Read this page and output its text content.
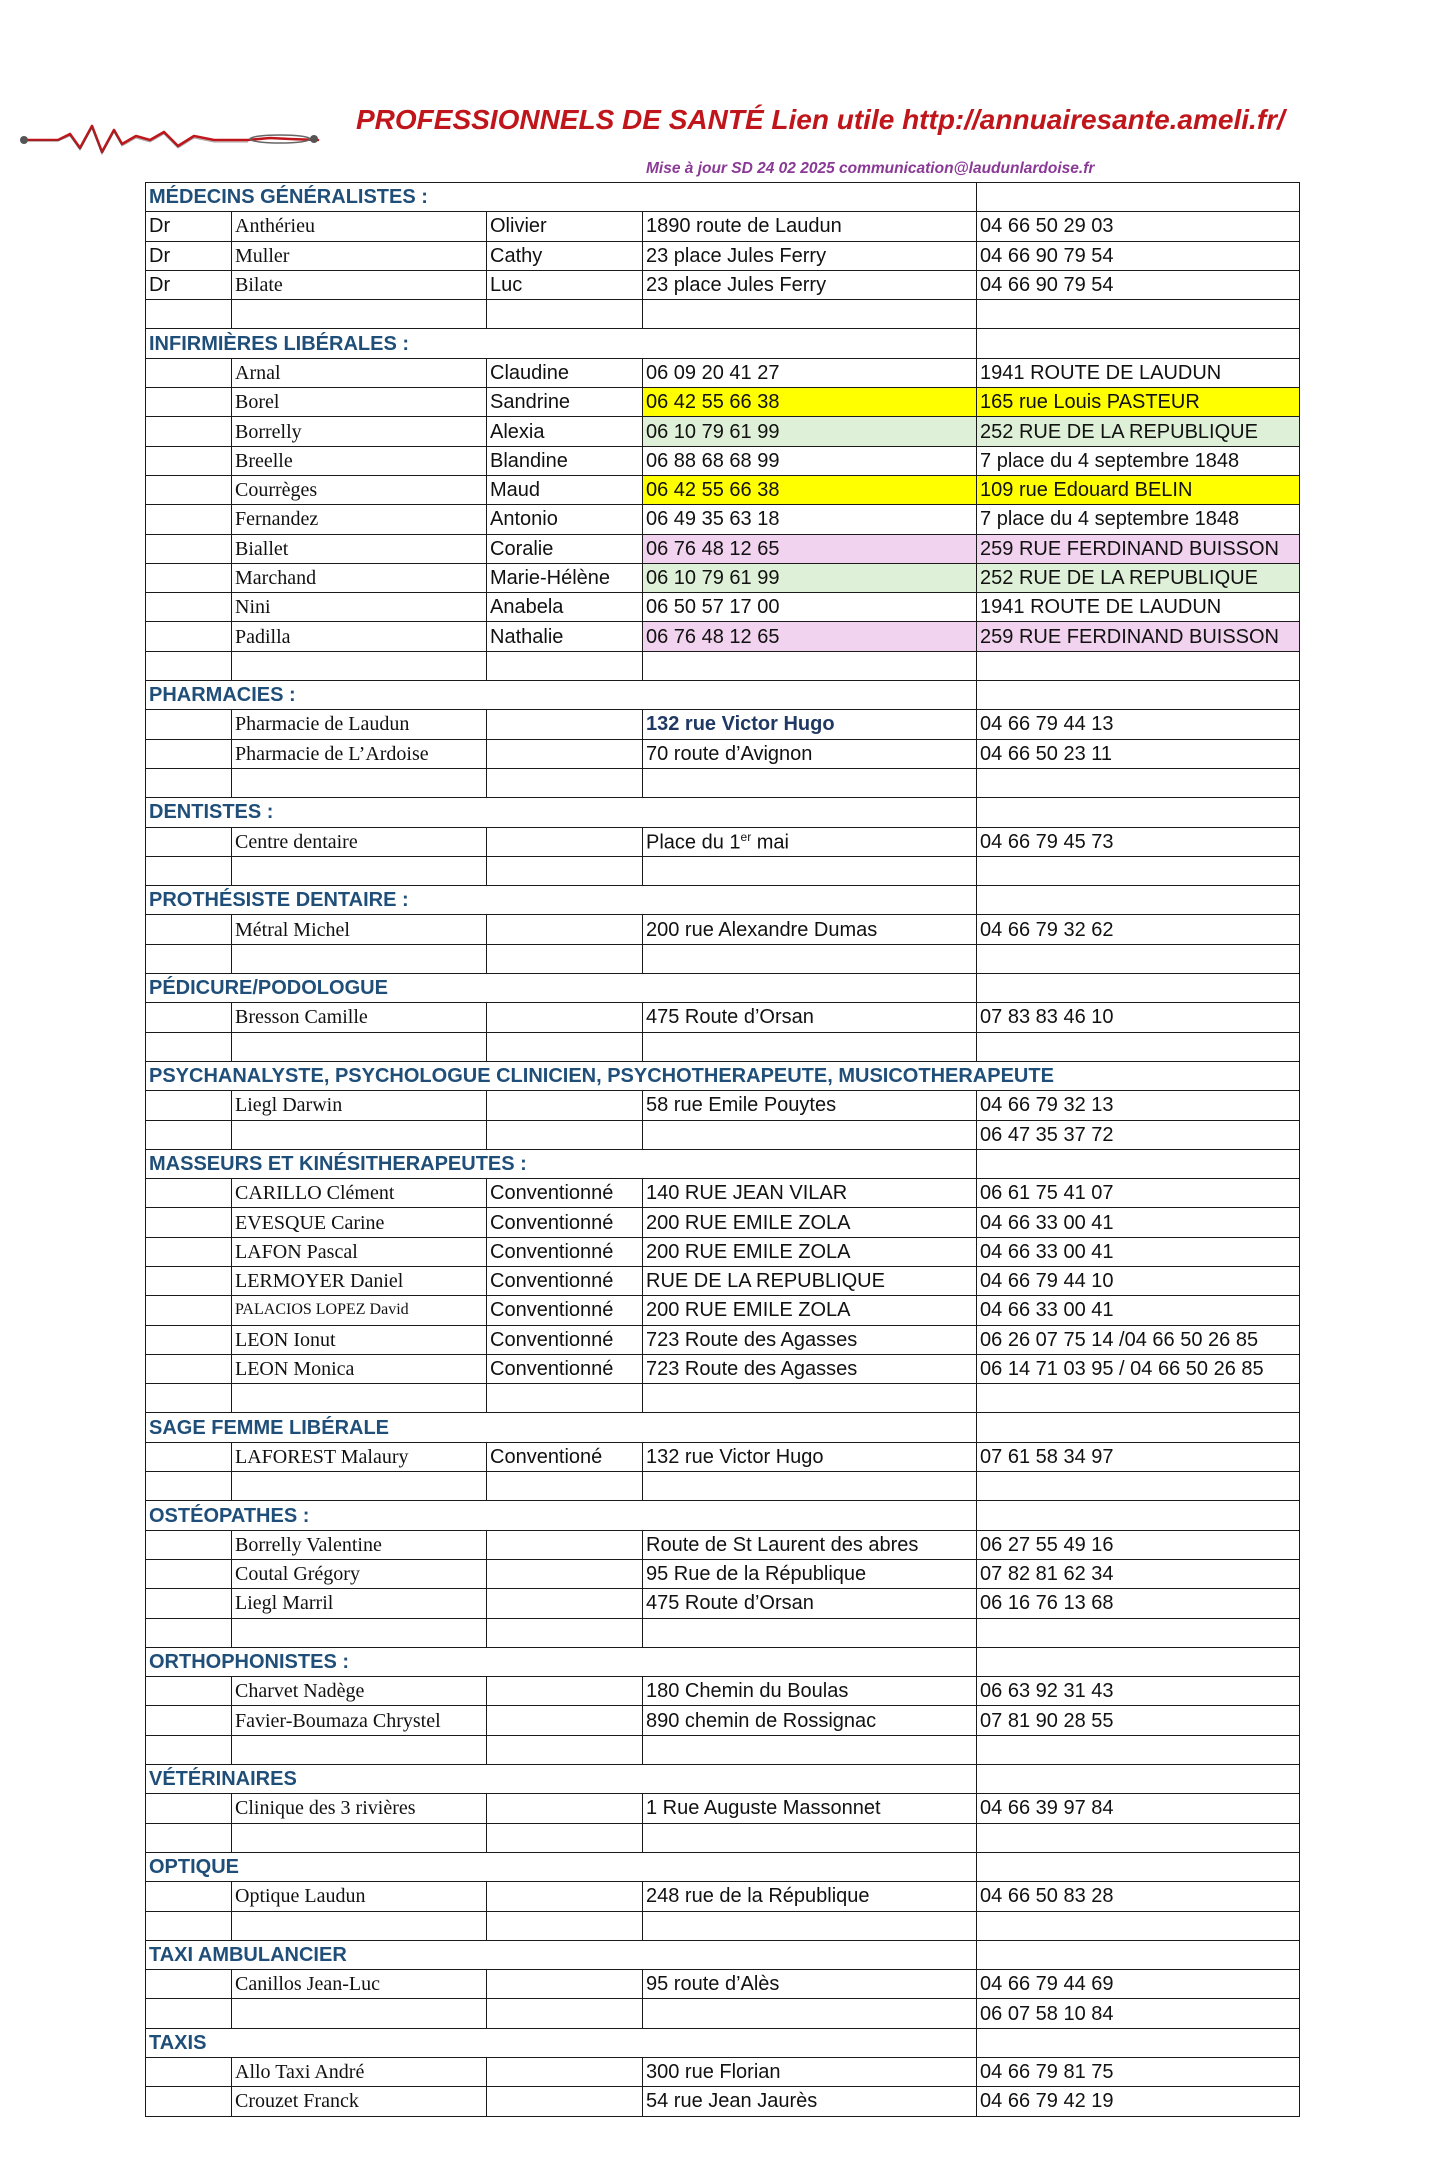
PROFESSIONNELS DE SANTÉ Lien utile http://annuairesante.ameli.fr/
Mise à jour SD 24 02 2025 communication@laudunlardoise.fr
MÉDECINS GÉNÉRALISTES :				
Dr	Anthérieu	Olivier	1890 route de Laudun	04 66 50 29 03
Dr	Muller	Cathy	23 place Jules Ferry	04 66 90 79 54
Dr	Bilate	Luc	23 place Jules Ferry	04 66 90 79 54

INFIRMIÈRES LIBÉRALES :				
	Arnal	Claudine	06 09 20 41 27	1941 ROUTE DE LAUDUN
	Borel	Sandrine	06 42 55 66 38	165 rue Louis PASTEUR
	Borrelly	Alexia	06 10 79 61 99	252 RUE DE LA REPUBLIQUE
	Breelle	Blandine	06 88 68 68 99	7 place du 4 septembre 1848
	Courrèges	Maud	06 42 55 66 38	109 rue Edouard BELIN
	Fernandez	Antonio	06 49 35 63 18	7 place du 4 septembre 1848
	Biallet	Coralie	06 76 48 12 65	259 RUE FERDINAND BUISSON
	Marchand	Marie-Hélène	06 10 79 61 99	252 RUE DE LA REPUBLIQUE
	Nini	Anabela	06 50 57 17 00	1941 ROUTE DE LAUDUN
	Padilla	Nathalie	06 76 48 12 65	259 RUE FERDINAND BUISSON

PHARMACIES :				
	Pharmacie de Laudun		132 rue Victor Hugo	04 66 79 44 13
	Pharmacie de L’Ardoise		70 route d’Avignon	04 66 50 23 11

DENTISTES :				
	Centre dentaire		Place du 1er mai	04 66 79 45 73

PROTHÉSISTE DENTAIRE :				
	Métral Michel		200 rue Alexandre Dumas	04 66 79 32 62

PÉDICURE/PODOLOGUE				
	Bresson Camille		475 Route d’Orsan	07 83 83 46 10

PSYCHANALYSTE, PSYCHOLOGUE CLINICIEN, PSYCHOTHERAPEUTE, MUSICOTHERAPEUTE				
	Liegl Darwin		58 rue Emile Pouytes	04 66 79 32 13
				06 47 35 37 72
MASSEURS ET KINÉSITHERAPEUTES :				
	CARILLO Clément	Conventionné	140 RUE JEAN VILAR	06 61 75 41 07
	EVESQUE Carine	Conventionné	200 RUE EMILE ZOLA	04 66 33 00 41
	LAFON Pascal	Conventionné	200 RUE EMILE ZOLA	04 66 33 00 41
	LERMOYER Daniel	Conventionné	RUE DE LA REPUBLIQUE	04 66 79 44 10
	PALACIOS LOPEZ David	Conventionné	200 RUE EMILE ZOLA	04 66 33 00 41
	LEON Ionut	Conventionné	723 Route des Agasses	06 26 07 75 14 /04 66 50 26 85
	LEON Monica	Conventionné	723 Route des Agasses	06 14 71 03 95 / 04 66 50 26 85

SAGE FEMME LIBÉRALE				
	LAFOREST Malaury	Conventioné	132 rue Victor Hugo	07 61 58 34 97

OSTÉOPATHES :				
	Borrelly Valentine		Route de St Laurent des abres	06 27 55 49 16
	Coutal Grégory		95 Rue de la République	07 82 81 62 34
	Liegl Marril		475 Route d’Orsan	06 16 76 13 68

ORTHOPHONISTES :				
	Charvet Nadège		180 Chemin du Boulas	06 63 92 31 43
	Favier-Boumaza Chrystel		890 chemin de Rossignac	07 81 90 28 55

VÉTÉRINAIRES				
	Clinique des 3 rivières		1 Rue Auguste Massonnet	04 66 39 97 84

OPTIQUE				
	Optique Laudun		248 rue de la République	04 66 50 83 28

TAXI AMBULANCIER				
	Canillos Jean-Luc		95 route d’Alès	04 66 79 44 69
				06 07 58 10 84
TAXIS				
	Allo Taxi André		300 rue Florian	04 66 79 81 75
	Crouzet Franck		54 rue Jean Jaurès	04 66 79 42 19
